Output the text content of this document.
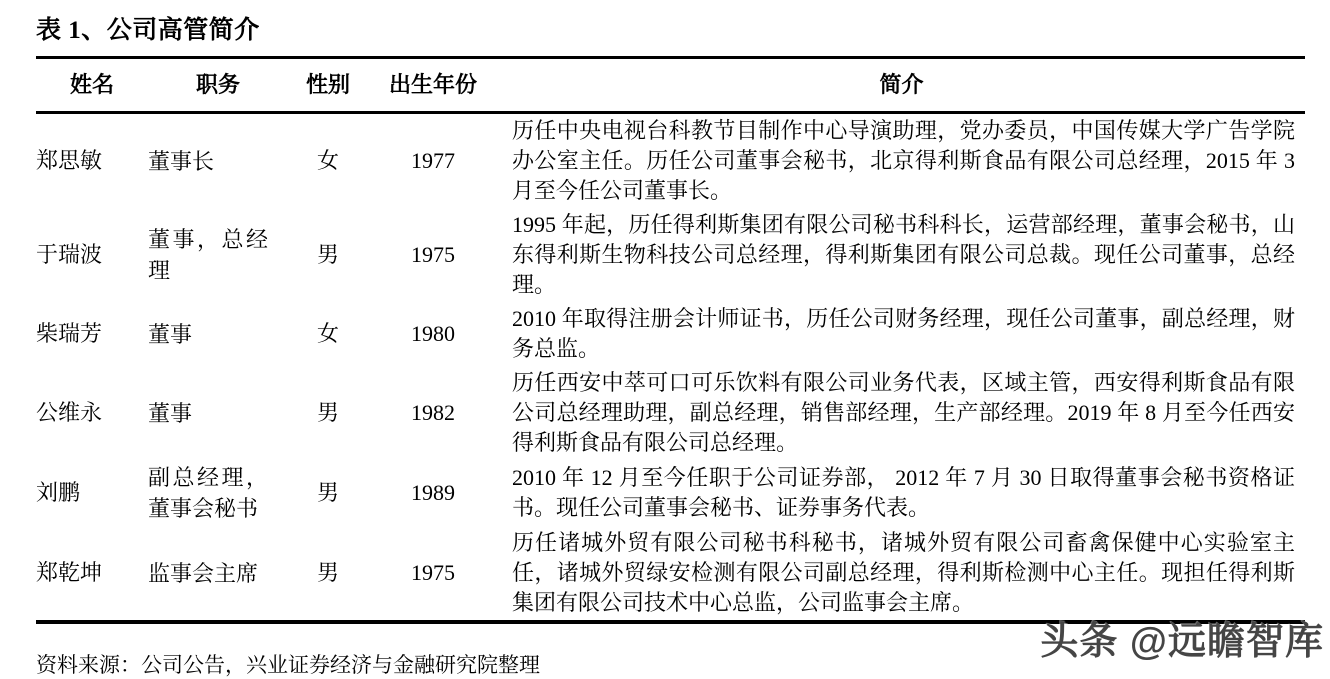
表 1、公司高管简介
姓名	职务	性别	出生年份	简介
郑思敏	董事长	女	1977	历任中央电视台科教节目制作中心导演助理，党办委员，中国传媒大学广告学院办公室主任。历任公司董事会秘书，北京得利斯食品有限公司总经理，2015 年 3 月至今任公司董事长。
于瑞波	董事，总经理	男	1975	1995 年起，历任得利斯集团有限公司秘书科科长，运营部经理，董事会秘书，山东得利斯生物科技公司总经理，得利斯集团有限公司总裁。现任公司董事，总经理。
柴瑞芳	董事	女	1980	2010 年取得注册会计师证书，历任公司财务经理，现任公司董事，副总经理，财务总监。
公维永	董事	男	1982	历任西安中萃可口可乐饮料有限公司业务代表，区域主管，西安得利斯食品有限公司总经理助理，副总经理，销售部经理，生产部经理。2019 年 8 月至今任西安得利斯食品有限公司总经理。
刘鹏	副总经理，董事会秘书	男	1989	2010 年 12 月至今任职于公司证券部， 2012 年 7 月 30 日取得董事会秘书资格证书。现任公司董事会秘书、证券事务代表。
郑乾坤	监事会主席	男	1975	历任诸城外贸有限公司秘书科秘书，诸城外贸有限公司畜禽保健中心实验室主任，诸城外贸绿安检测有限公司副总经理，得利斯检测中心主任。现担任得利斯集团有限公司技术中心总监，公司监事会主席。
资料来源：公司公告，兴业证券经济与金融研究院整理
头条 @远瞻智库
